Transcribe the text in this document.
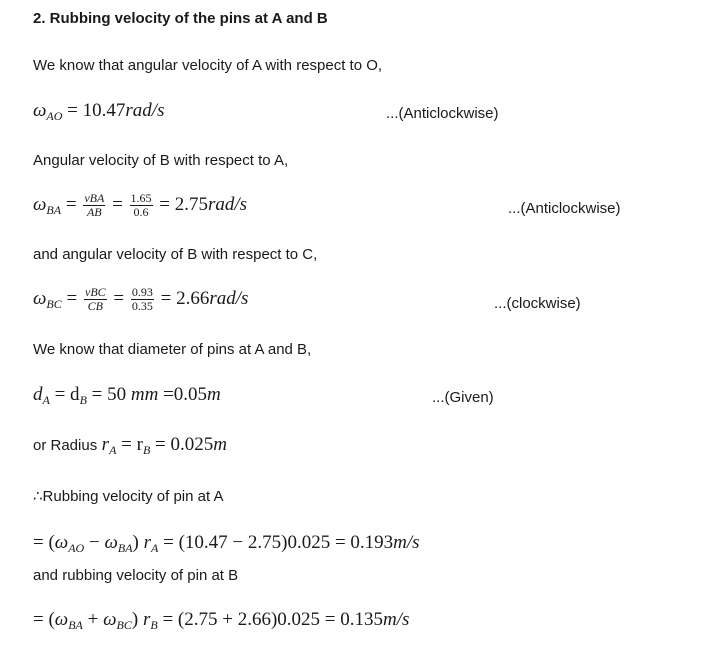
2. Rubbing velocity of the pins at A and B
We know that angular velocity of A with respect to O,
$\omega_{AO} = 10.47rad/s$	...(Anticlockwise)
Angular velocity of B with respect to A,
$\omega_{BA} = \frac{\text{vBA}}{AB} = \frac{1.65}{0.6} = 2.75rad/s$	...(Anticlockwise)
and angular velocity of B with respect to C,
$\omega_{BC} = \frac{\text{vBC}}{CB} = \frac{0.93}{0.35} = 2.66rad/s$	...(clockwise)
We know that diameter of pins at A and B,
$d_A = d_B = 50$ mm =0.05m	...(Given)
or Radius $r_A = r_B = 0.025m$
∴Rubbing velocity of pin at A
= $(\omega_{AO} - \omega_{BA}) r_A = (10.47 - 2.75)0.025 = 0.193m/s$
and rubbing velocity of pin at B
= $(\omega_{BA} + \omega_{BC}) r_B = (2.75 + 2.66)0.025 = 0.135m/s$
